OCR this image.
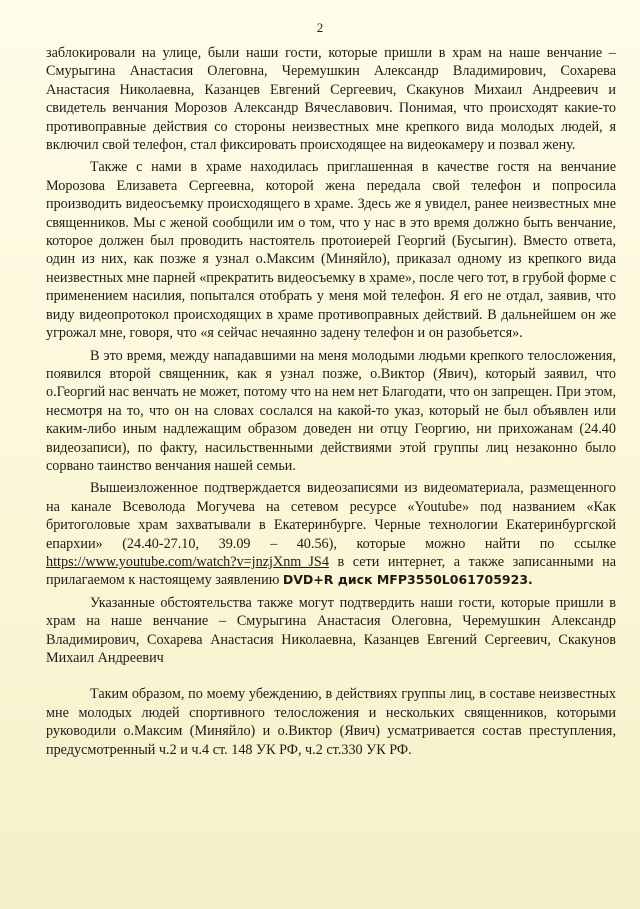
2

заблокировали на улице, были наши гости, которые пришли в храм на наше венчание – Смурыгина Анастасия Олеговна, Черемушкин Александр Владимирович, Сохарева Анастасия Николаевна, Казанцев Евгений Сергеевич, Скакунов Михаил Андреевич и свидетель венчания Морозов Александр Вячеславович. Понимая, что происходят какие-то противоправные действия со стороны неизвестных мне крепкого вида молодых людей, я включил свой телефон, стал фиксировать происходящее на видеокамеру и позвал жену.

Также с нами в храме находилась приглашенная в качестве гостя на венчание Морозова Елизавета Сергеевна, которой жена передала свой телефон и попросила производить видеосъемку происходящего в храме. Здесь же я увидел, ранее неизвестных мне священников. Мы с женой сообщили им о том, что у нас в это время должно быть венчание, которое должен был проводить настоятель протоиерей Георгий (Бусыгин). Вместо ответа, один из них, как позже я узнал о.Максим (Миняйло), приказал одному из крепкого вида неизвестных мне парней «прекратить видеосъемку в храме», после чего тот, в грубой форме с применением насилия, попытался отобрать у меня мой телефон. Я его не отдал, заявив, что виду видеопротокол происходящих в храме противоправных действий. В дальнейшем он же угрожал мне, говоря, что «я сейчас нечаянно задену телефон и он разобьется».

В это время, между нападавшими на меня молодыми людьми крепкого телосложения, появился второй священник, как я узнал позже, о.Виктор (Явич), который заявил, что о.Георгий нас венчать не может, потому что на нем нет Благодати, что он запрещен. При этом, несмотря на то, что он на словах сослался на какой-то указ, который не был объявлен или каким-либо иным надлежащим образом доведен ни отцу Георгию, ни прихожанам (24.40 видеозаписи), по факту, насильственными действиями этой группы лиц незаконно было сорвано таинство венчания нашей семьи.

Вышеизложенное подтверждается видеозаписями из видеоматериала, размещенного на канале Всеволода Могучева на сетевом ресурсе «Youtube» под названием «Как бритоголовые храм захватывали в Екатеринбурге. Черные технологии Екатеринбургской епархии» (24.40-27.10, 39.09 – 40.56), которые можно найти по ссылке https://www.youtube.com/watch?v=jnzjXnm_JS4 в сети интернет, а также записанными на прилагаемом к настоящему заявлению DVD+R диск MFP3550L061705923.

Указанные обстоятельства также могут подтвердить наши гости, которые пришли в храм на наше венчание – Смурыгина Анастасия Олеговна, Черемушкин Александр Владимирович, Сохарева Анастасия Николаевна, Казанцев Евгений Сергеевич, Скакунов Михаил Андреевич

Таким образом, по моему убеждению, в действиях группы лиц, в составе неизвестных мне молодых людей спортивного телосложения и нескольких священников, которыми руководили о.Максим (Миняйло) и о.Виктор (Явич) усматривается состав преступления, предусмотренный ч.2 и ч.4 ст. 148 УК РФ, ч.2 ст.330 УК РФ.
